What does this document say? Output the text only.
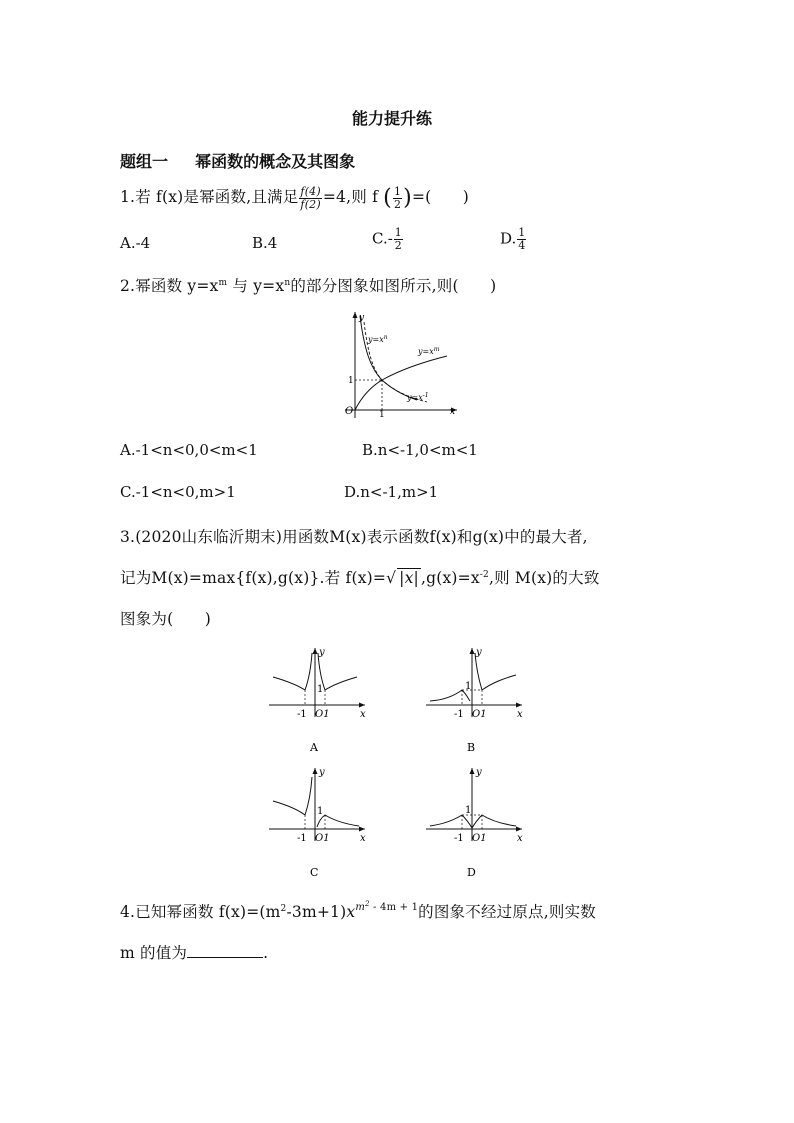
能力提升练
题组一 幂函数的概念及其图象
1.若 f(x)是幂函数,且满足 $\frac{f(4)}{f(2)} =4$,则 f ( $\frac{1}{2}$ )=(　　)
A.-4	B.4	$C.- \frac{1}{2}$	D. $\frac{1}{4}$
2.幂函数 $y=x^m$ 与 $y=x^n$的部分图象如图所示,则(　　)
y
x
O	1
1
$y=x^n$
$y=x^m$
$y=x^{-1}$
A.-1<n<0,0<m<1	B.n<-1,0<m<1
C.-1<n<0,m>1	D.n<-1,m>1
3.(2020山东临沂期末)用函数M(x)表示函数f(x)和g(x)中的最大者,
记为M(x)=max{f(x),g(x)}.若 f(x)=√ |x| $,g(x)=x^{-2}$,则 M(x)的大致
图象为(　　)
y
x
1
-1 O1
A
y
x
1
-1 O1
B
y
x
1
-1 O1
C
y
x
1
-1 O1
D
4.已知幂函数 $f(x)=(m^2-3m+1)x^{m^2 - 4m + 1}$的图象不经过原点,则实数
m 的值为	.
